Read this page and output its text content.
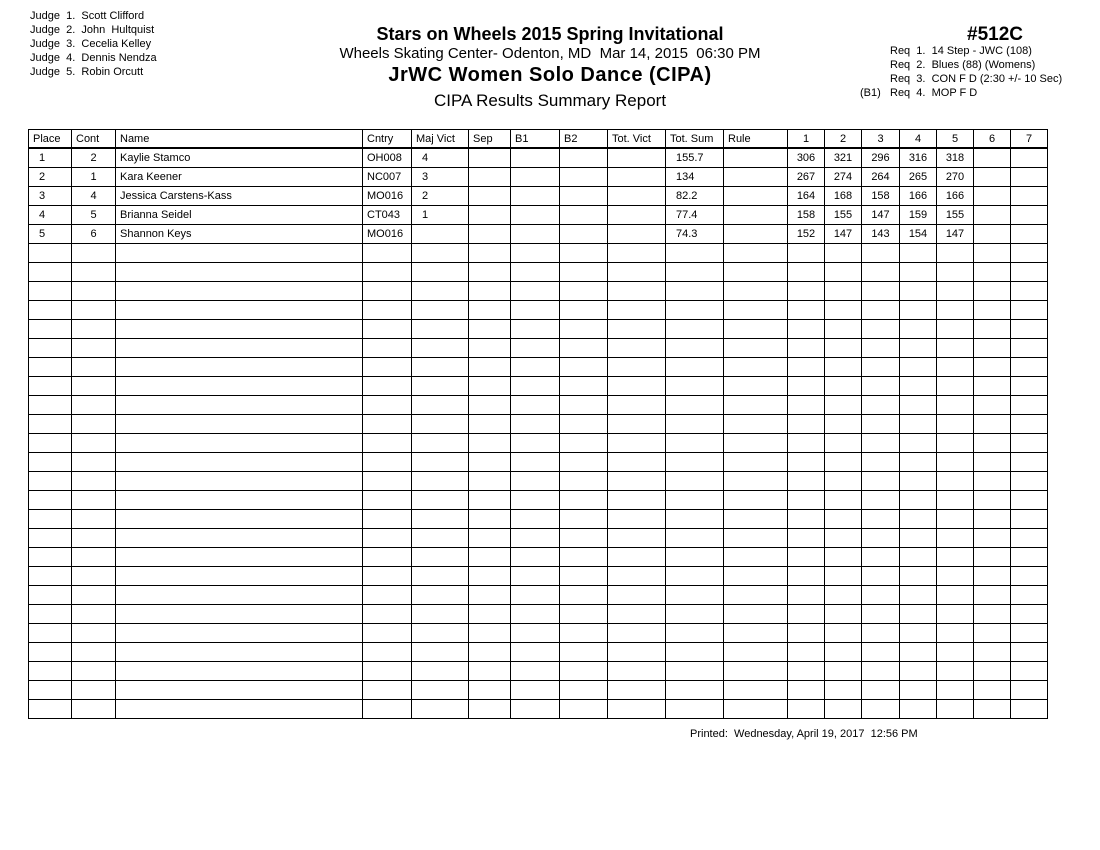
Judge  1. Scott Clifford
Judge  2. John  Hultquist
Judge  3. Cecelia Kelley
Judge  4. Dennis Nendza
Judge  5. Robin Orcutt
Stars on Wheels 2015 Spring Invitational
Wheels Skating Center- Odenton, MD  Mar 14, 2015  06:30 PM
JrWC Women Solo Dance (CIPA)
CIPA Results Summary Report
#512C
Req  1. 14 Step - JWC (108)
Req  2. Blues (88) (Womens)
Req  3. CON F D (2:30 +/- 10 Sec)
(B1) Req  4. MOP F D
Place	Cont	Name	Cntry	Maj Vict	Sep	B1	B2	Tot. Vict	Tot. Sum	Rule	1	2	3	4	5	6	7
1	2	Kaylie Stamco	OH008	4					155.7		306	321	296	316	318		
2	1	Kara Keener	NC007	3					134		267	274	264	265	270		
3	4	Jessica Carstens-Kass	MO016	2					82.2		164	168	158	166	166		
4	5	Brianna Seidel	CT043	1					77.4		158	155	147	159	155		
5	6	Shannon Keys	MO016						74.3		152	147	143	154	147		

Printed:  Wednesday, April 19, 2017  12:56 PM
